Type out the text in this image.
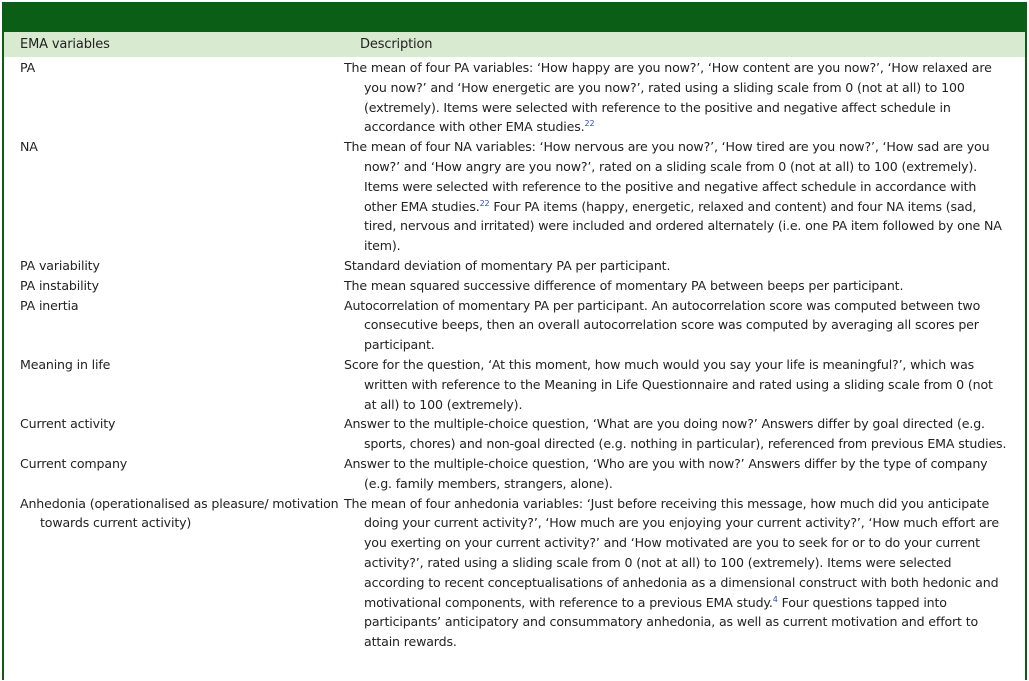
EMA variables	Description

PA	The mean of four PA variables: ‘How happy are you now?’, ‘How content are you now?’, ‘How relaxed are you now?’ and ‘How energetic are you now?’, rated using a sliding scale from 0 (not at all) to 100 (extremely). Items were selected with reference to the positive and negative affect schedule in accordance with other EMA studies.$^{22}$

NA	The mean of four NA variables: ‘How nervous are you now?’, ‘How tired are you now?’, ‘How sad are you now?’ and ‘How angry are you now?’, rated on a sliding scale from 0 (not at all) to 100 (extremely). Items were selected with reference to the positive and negative affect schedule in accordance with other EMA studies.$^{22}$ Four PA items (happy, energetic, relaxed and content) and four NA items (sad, tired, nervous and irritated) were included and ordered alternately (i.e. one PA item followed by one NA item).

PA variability	Standard deviation of momentary PA per participant.

PA instability	The mean squared successive difference of momentary PA between beeps per participant.

PA inertia	Autocorrelation of momentary PA per participant. An autocorrelation score was computed between two consecutive beeps, then an overall autocorrelation score was computed by averaging all scores per participant.

Meaning in life	Score for the question, ‘At this moment, how much would you say your life is meaningful?’, which was written with reference to the Meaning in Life Questionnaire and rated using a sliding scale from 0 (not at all) to 100 (extremely).

Current activity	Answer to the multiple-choice question, ‘What are you doing now?’ Answers differ by goal directed (e.g. sports, chores) and non-goal directed (e.g. nothing in particular), referenced from previous EMA studies.

Current company	Answer to the multiple-choice question, ‘Who are you with now?’ Answers differ by the type of company (e.g. family members, strangers, alone).

Anhedonia (operationalised as pleasure/ motivation towards current activity)	The mean of four anhedonia variables: ‘Just before receiving this message, how much did you anticipate doing your current activity?’, ‘How much are you enjoying your current activity?’, ‘How much effort are you exerting on your current activity?’ and ‘How motivated are you to seek for or to do your current activity?’, rated using a sliding scale from 0 (not at all) to 100 (extremely). Items were selected according to recent conceptualisations of anhedonia as a dimensional construct with both hedonic and motivational components, with reference to a previous EMA study.$^4$ Four questions tapped into participants’ anticipatory and consummatory anhedonia, as well as current motivation and effort to attain rewards.
